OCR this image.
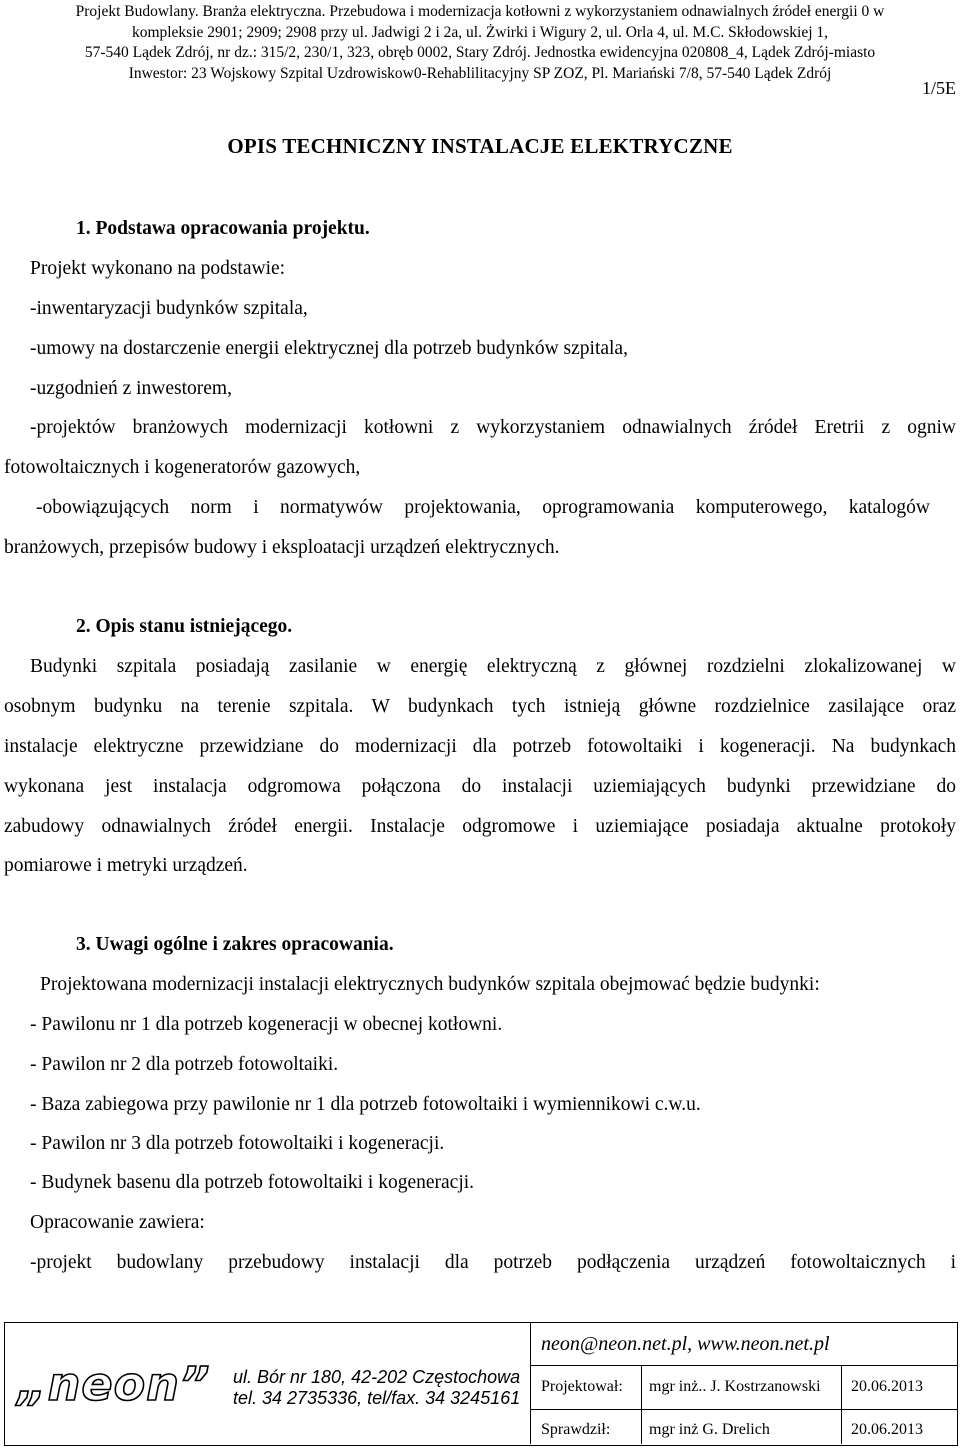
Projekt Budowlany. Branża elektryczna. Przebudowa i modernizacja kotłowni z wykorzystaniem odnawialnych źródeł energii 0 w
kompleksie 2901; 2909; 2908 przy ul. Jadwigi 2 i 2a, ul. Żwirki i Wigury 2, ul. Orla 4, ul. M.C. Skłodowskiej 1,
57-540 Lądek Zdrój, nr dz.: 315/2, 230/1, 323, obręb 0002, Stary Zdrój. Jednostka ewidencyjna 020808_4, Lądek Zdrój-miasto
Inwestor: 23 Wojskowy Szpital Uzdrowiskow0-Rehablilitacyjny SP ZOZ, Pl. Mariański 7/8, 57-540 Lądek Zdrój
1/5E
OPIS TECHNICZNY INSTALACJE ELEKTRYCZNE
1. Podstawa opracowania projektu.
Projekt wykonano na podstawie:
-inwentaryzacji budynków szpitala,
-umowy na dostarczenie energii elektrycznej dla potrzeb budynków szpitala,
-uzgodnień z inwestorem,
-projektów branżowych modernizacji kotłowni z wykorzystaniem odnawialnych źródeł Eretrii z ogniw
fotowoltaicznych i kogeneratorów gazowych,
-obowiązujących norm i normatywów projektowania, oprogramowania komputerowego, katalogów
branżowych, przepisów budowy i eksploatacji urządzeń elektrycznych.
2. Opis stanu istniejącego.
Budynki szpitala posiadają zasilanie w energię elektryczną z głównej rozdzielni zlokalizowanej w
osobnym budynku na terenie szpitala. W budynkach tych istnieją główne rozdzielnice zasilające oraz
instalacje elektryczne przewidziane do modernizacji dla potrzeb fotowoltaiki i kogeneracji. Na budynkach
wykonana jest instalacja odgromowa połączona do instalacji uziemiających budynki przewidziane do
zabudowy odnawialnych źródeł energii. Instalacje odgromowe i uziemiające posiadaja aktualne protokoły
pomiarowe i metryki urządzeń.
3. Uwagi ogólne i zakres opracowania.
Projektowana modernizacji instalacji elektrycznych budynków szpitala obejmować będzie budynki:
- Pawilonu nr 1 dla potrzeb kogeneracji w obecnej kotłowni.
- Pawilon nr 2 dla potrzeb fotowoltaiki.
- Baza zabiegowa przy pawilonie nr 1 dla potrzeb fotowoltaiki i wymiennikowi c.w.u.
- Pawilon nr 3 dla potrzeb fotowoltaiki i kogeneracji.
- Budynek basenu dla potrzeb fotowoltaiki i kogeneracji.
Opracowanie zawiera:
-projekt budowlany przebudowy instalacji dla potrzeb podłączenia urządzeń fotowoltaicznych i
„neon” ul. Bór nr 180, 42-202 Częstochowa
tel. 34 2735336, tel/fax. 34 3245161
neon@neon.net.pl, www.neon.net.pl
Projektował: mgr inż.. J. Kostrzanowski 20.06.2013
Sprawdził: mgr inż G. Drelich	20.06.2013
